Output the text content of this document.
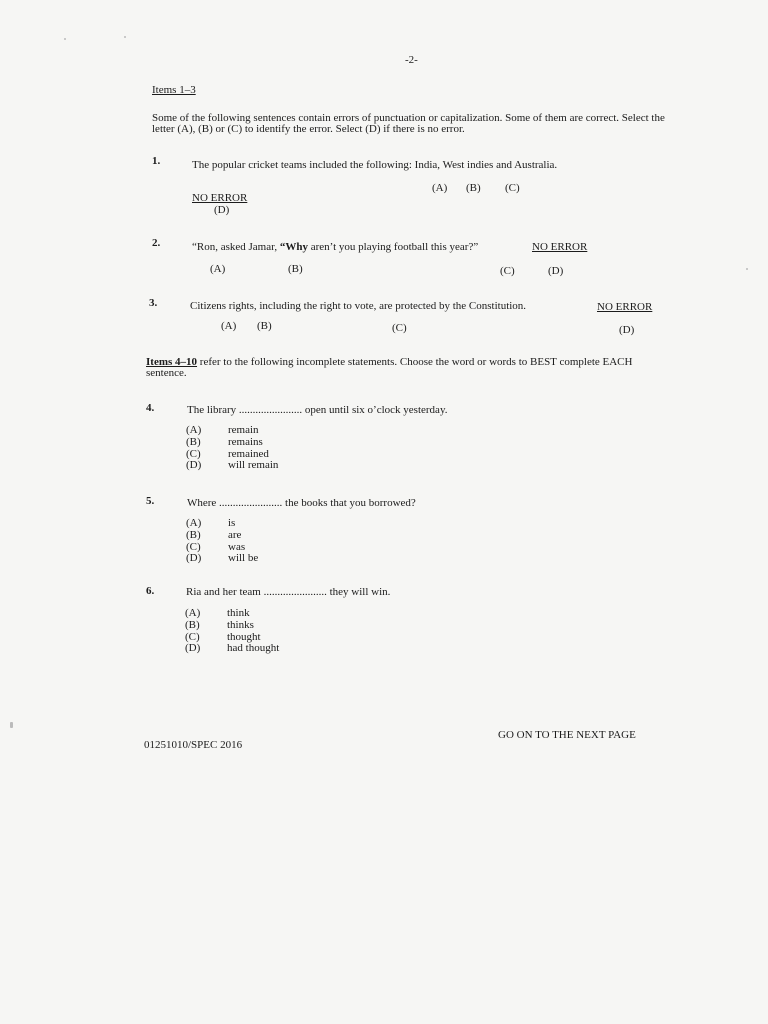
-2-
Items 1–3
Some of the following sentences contain errors of punctuation or capitalization. Some of them are correct. Select the letter (A), (B) or (C) to identify the error. Select (D) if there is no error.
1.	The popular cricket teams included the following: India, West indies and Australia.
(A) (B) (C)
NO ERROR
(D)
2.	“Ron, asked Jamar, “Why aren’t you playing football this year?”	NO ERROR
(A)	(B)	(C)	(D)
3.	Citizens rights, including the right to vote, are protected by the Constitution.	NO ERROR
(A) (B)	(C)	(D)
Items 4–10 refer to the following incomplete statements. Choose the word or words to BEST complete EACH sentence.
4.	The library ....................... open until six o’clock yesterday.
(A)	remain
(B)	remains
(C)	remained
(D)	will remain
5.	Where ....................... the books that you borrowed?
(A)	is
(B)	are
(C)	was
(D)	will be
6.	Ria and her team ....................... they will win.
(A)	think
(B)	thinks
(C)	thought
(D)	had thought
GO ON TO THE NEXT PAGE
01251010/SPEC 2016
